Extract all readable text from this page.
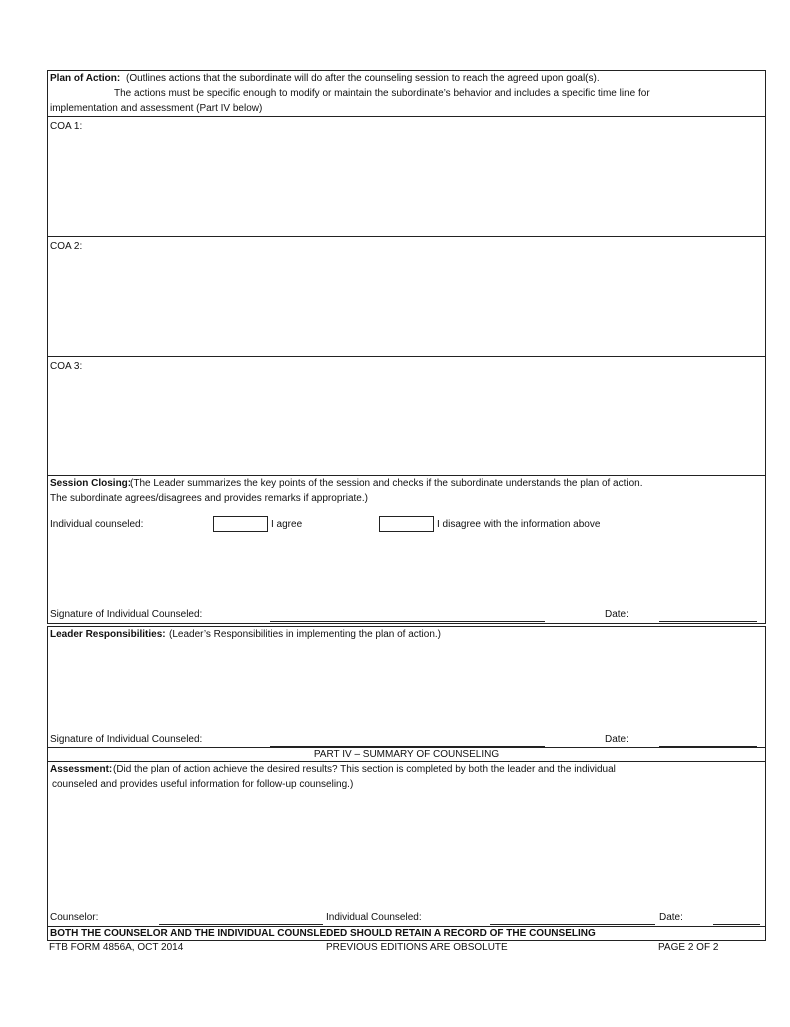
Plan of Action: (Outlines actions that the subordinate will do after the counseling session to reach the agreed upon goal(s).
The actions must be specific enough to modify or maintain the subordinate’s behavior and includes a specific time line for
implementation and assessment (Part IV below)
COA 1:
COA 2:
COA 3:
Session Closing:
(The Leader summarizes the key points of the session and checks if the subordinate understands the plan of action.
The subordinate agrees/disagrees and provides remarks if appropriate.)
Individual counseled:	I agree	I disagree with the information above
Signature of Individual Counseled:	Date:
Leader Responsibilities: (Leader’s Responsibilities in implementing the plan of action.)
Signature of Individual Counseled:	Date:
PART IV – SUMMARY OF COUNSELING
Assessment: (Did the plan of action achieve the desired results? This section is completed by both the leader and the individual
counseled and provides useful information for follow-up counseling.)
Counselor:	Individual Counseled:	Date:
BOTH THE COUNSELOR AND THE INDIVIDUAL COUNSLEDED SHOULD RETAIN A RECORD OF THE COUNSELING
FTB FORM 4856A, OCT 2014	PREVIOUS EDITIONS ARE OBSOLUTE	PAGE 2 OF 2
